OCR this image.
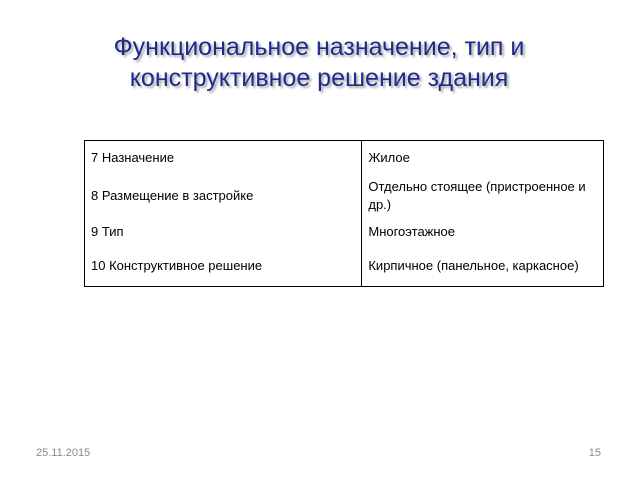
Функциональное назначение, тип и
конструктивное решение здания
7 Назначение	Жилое
8 Размещение в застройке	Отдельно стоящее (пристроенное и др.)
9 Тип	Многоэтажное
10 Конструктивное решение	Кирпичное (панельное, каркасное)
25.11.2015	15
